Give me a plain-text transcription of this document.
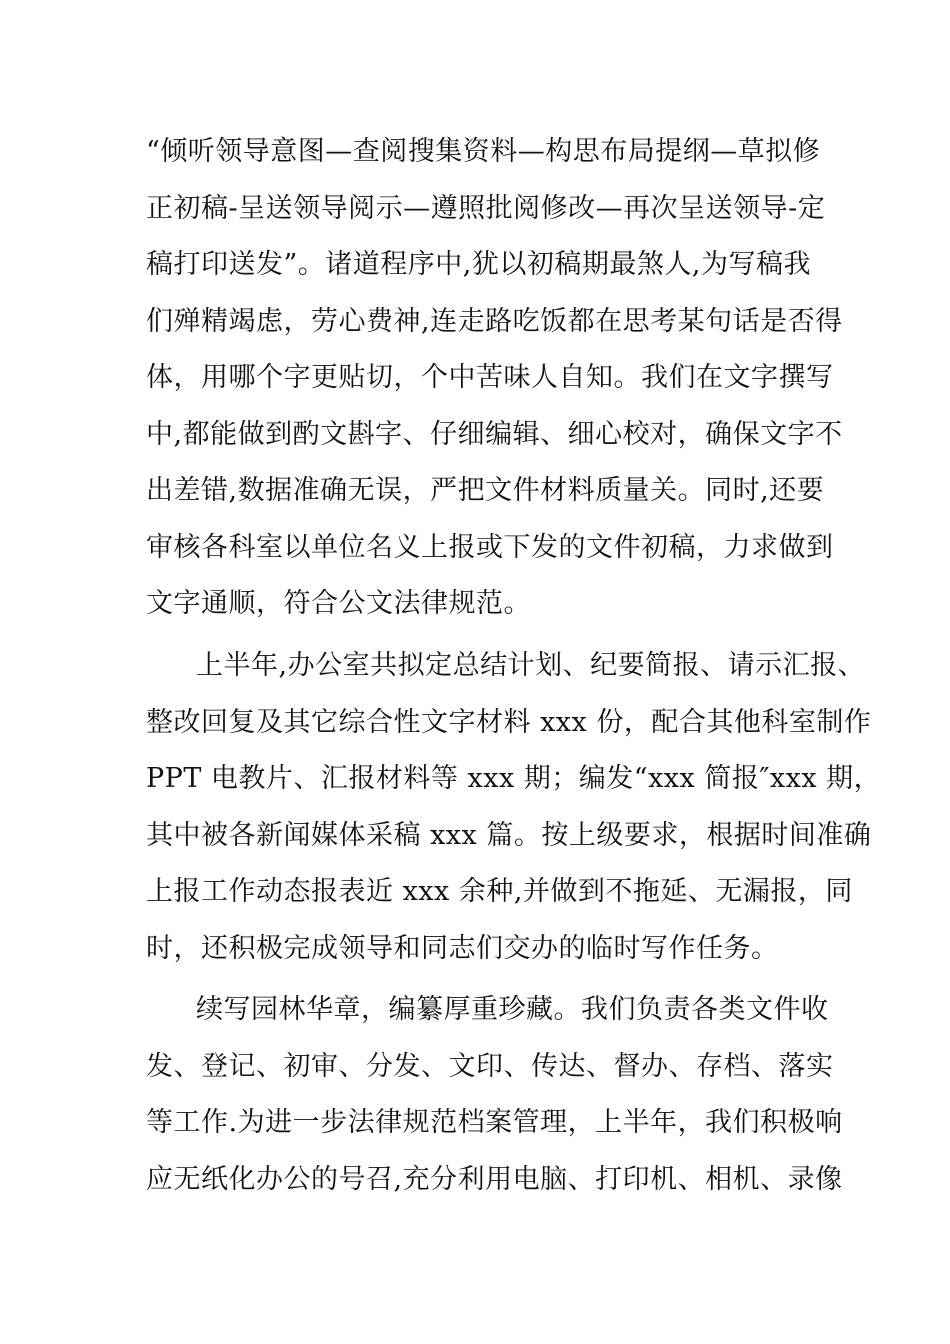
“倾听领导意图—查阅搜集资料—构思布局提纲—草拟修
正初稿-呈送领导阅示—遵照批阅修改—再次呈送领导-定
稿打印送发”。诸道程序中,犹以初稿期最煞人,为写稿我
们殚精竭虑，劳心费神,连走路吃饭都在思考某句话是否得
体，用哪个字更贴切，个中苦味人自知。我们在文字撰写
中,都能做到酌文斟字、仔细编辑、细心校对，确保文字不
出差错,数据准确无误，严把文件材料质量关。同时,还要
审核各科室以单位名义上报或下发的文件初稿，力求做到
文字通顺，符合公文法律规范。
上半年,办公室共拟定总结计划、纪要简报、请示汇报、
整改回复及其它综合性文字材料 xxx 份，配合其他科室制作
PPT 电教片、汇报材料等 xxx 期；编发“xxx 简报″xxx 期，
其中被各新闻媒体采稿 xxx 篇。按上级要求，根据时间准确
上报工作动态报表近 xxx 余种,并做到不拖延、无漏报，同
时，还积极完成领导和同志们交办的临时写作任务。
续写园林华章，编纂厚重珍藏。我们负责各类文件收
发、登记、初审、分发、文印、传达、督办、存档、落实
等工作.为进一步法律规范档案管理，上半年，我们积极响
应无纸化办公的号召,充分利用电脑、打印机、相机、录像
